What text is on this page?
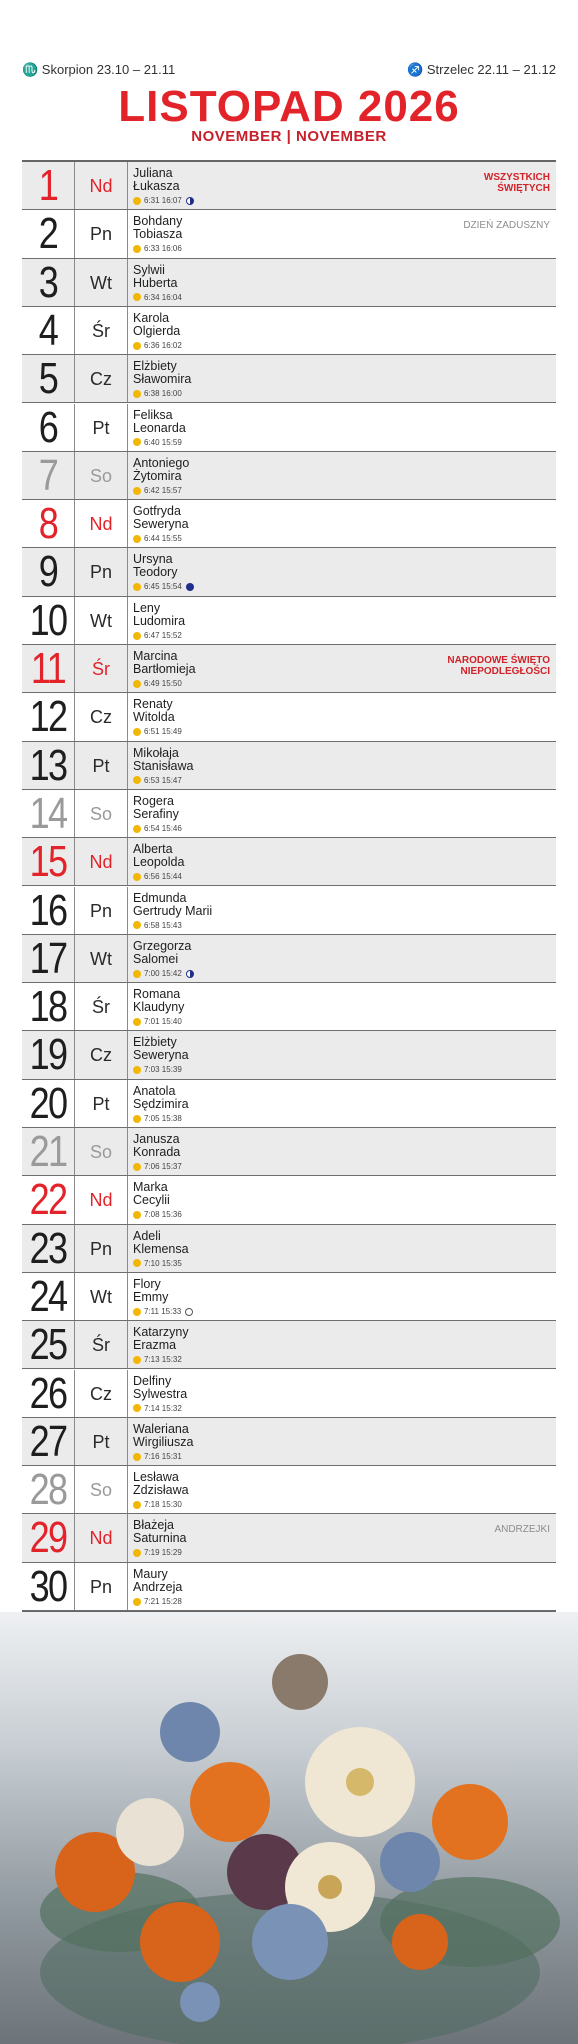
♏ Skorpion 23.10 – 21.11	♐ Strzelec 22.11 – 21.12
LISTOPAD 2026
NOVEMBER | NOVEMBER
1	Nd
Juliana
Łukasza
6:31 16:07
WSZYSTKICH ŚWIĘTYCH
2	Pn
Bohdany
Tobiasza
6:33 16:06
DZIEŃ ZADUSZNY
3	Wt
Sylwii
Huberta
6:34 16:04
4	Śr
Karola
Olgierda
6:36 16:02
5	Cz
Elżbiety
Sławomira
6:38 16:00
6	Pt
Feliksa
Leonarda
6:40 15:59
7	So
Antoniego
Żytomira
6:42 15:57
8	Nd
Gotfryda
Seweryna
6:44 15:55
9	Pn
Ursyna
Teodory
6:45 15:54
10	Wt
Leny
Ludomira
6:47 15:52
11	Śr
Marcina
Bartłomieja
6:49 15:50
NARODOWE ŚWIĘTO NIEPODLEGŁOŚCI
12	Cz
Renaty
Witolda
6:51 15:49
13	Pt
Mikołaja
Stanisława
6:53 15:47
14	So
Rogera
Serafiny
6:54 15:46
15	Nd
Alberta
Leopolda
6:56 15:44
16	Pn
Edmunda
Gertrudy Marii
6:58 15:43
17	Wt
Grzegorza
Salomei
7:00 15:42
18	Śr
Romana
Klaudyny
7:01 15:40
19	Cz
Elżbiety
Seweryna
7:03 15:39
20	Pt
Anatola
Sędzimira
7:05 15:38
21	So
Janusza
Konrada
7:06 15:37
22	Nd
Marka
Cecylii
7:08 15:36
23	Pn
Adeli
Klemensa
7:10 15:35
24	Wt
Flory
Emmy
7:11 15:33
25	Śr
Katarzyny
Erazma
7:13 15:32
26	Cz
Delfiny
Sylwestra
7:14 15:32
27	Pt
Waleriana
Wirgiliusza
7:16 15:31
28	So
Lesława
Zdzisława
7:18 15:30
29	Nd
Błażeja
Saturnina
7:19 15:29
ANDRZEJKI
30	Pn
Maury
Andrzeja
7:21 15:28
